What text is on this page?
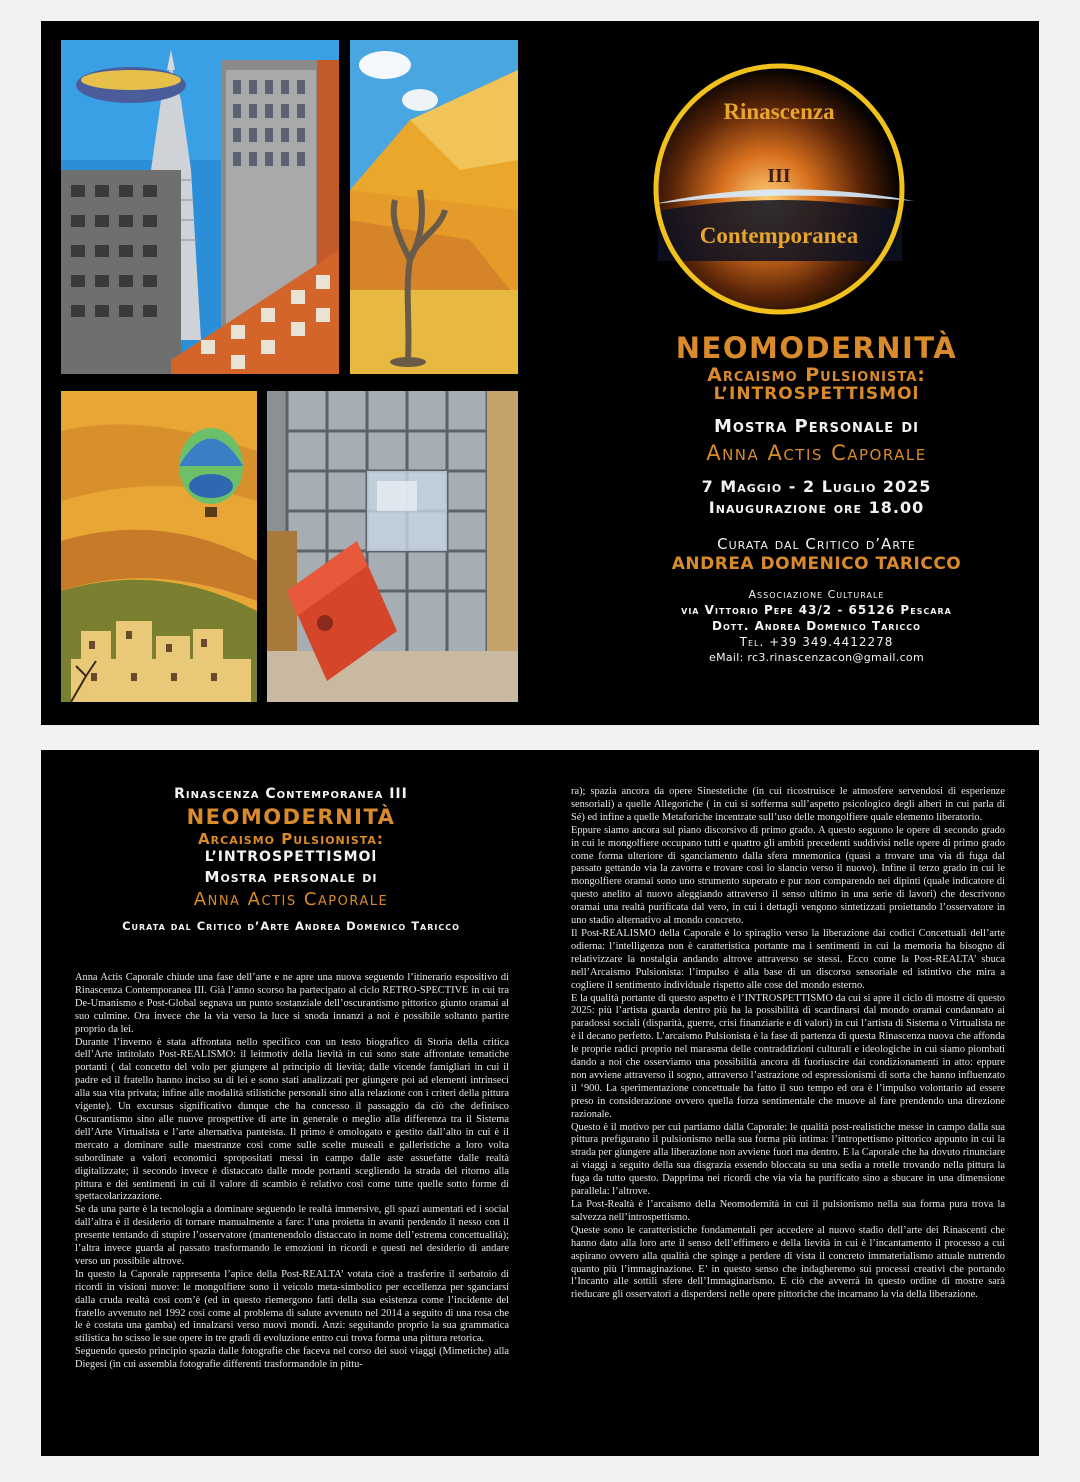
Rinascenza
III
Contemporanea
NEOMODERNITÀ
Arcaismo Pulsionista:
L’INTROSPETTISMOl
Mostra Personale di
Anna Actis Caporale
7 Maggio - 2 Luglio 2025
Inaugurazione ore 18.00
Curata dal Critico d’Arte
ANDREA DOMENICO TARICCO
Associazione Culturale
via Vittorio Pepe 43/2 - 65126 Pescara
Dott. Andrea Domenico Taricco
Tel. +39 349.4412278
eMail: rc3.rinascenzacon@gmail.com
Rinascenza Contemporanea III
NEOMODERNITÀ
Arcaismo Pulsionista:
L’INTROSPETTISMOl
Mostra personale di
Anna Actis Caporale
Curata dal Critico d’Arte Andrea Domenico Taricco

Anna Actis Caporale chiude una fase dell’arte e ne apre una nuova seguendo l’itinerario espositivo di Rinascenza Contemporanea III. Già l’anno scorso ha partecipato al ciclo RETRO-SPECTIVE in cui tra De-Umanismo e Post-Global segnava un punto sostanziale dell’oscurantismo pittorico giunto oramai al suo culmine. Ora invece che la via verso la luce si snoda innanzi a noi è possibile soltanto partire proprio da lei.

Durante l’inverno è stata affrontata nello specifico con un testo biografico di Storia della critica dell’Arte intitolato Post-REALISMO: il leitmotiv della lievità in cui sono state affrontate tematiche portanti ( dal concetto del volo per giungere al principio di lievità; dalle vicende famigliari in cui il padre ed il fratello hanno inciso su di lei e sono stati analizzati per giungere poi ad elementi intrinseci alla sua vita privata; infine alle modalità stilistiche personali sino alla relazione con i criteri della pittura vigente). Un excursus significativo dunque che ha concesso il passaggio da ciò che definisco Oscurantismo sino alle nuove prospettive di arte in generale o meglio alla differenza tra il Sistema dell’Arte Virtualista e l’arte alternativa panteista. Il primo è omologato e gestito dall’alto in cui è il mercato a dominare sulle maestranze così come sulle scelte museali e galleristiche a loro volta subordinate a valori economici spropositati messi in campo dalle aste assuefatte dalle realtà digitalizzate; il secondo invece è distaccato dalle mode portanti scegliendo la strada del ritorno alla pittura e dei sentimenti in cui il valore di scambio è relativo così come tutte quelle sotto forme di spettacolarizzazione.

Se da una parte è la tecnologia a dominare seguendo le realtà immersive, gli spazi aumentati ed i social dall’altra è il desiderio di tornare manualmente a fare: l’una proietta in avanti perdendo il nesso con il presente tentando di stupire l’osservatore (mantenendolo distaccato in nome dell’estrema concettualità); l’altra invece guarda al passato trasformando le emozioni in ricordi e questi nel desiderio di andare verso un possibile altrove.

In questo la Caporale rappresenta l’apice della Post-REALTA’ votata cioè a trasferire il serbatoio di ricordi in visioni nuove: le mongolfiere sono il veicolo meta-simbolico per eccellenza per sganciarsi dalla cruda realtà così com’è (ed in questo riemergono fatti della sua esistenza come l’incidente del fratello avvenuto nel 1992 così come al problema di salute avvenuto nel 2014 a seguito di una rosa che le è costata una gamba) ed innalzarsi verso nuovi mondi. Anzi: seguitando proprio la sua grammatica stilistica ho scisso le sue opere in tre gradi di evoluzione entro cui trova forma una pittura retorica.

Seguendo questo principio spazia dalle fotografie che faceva nel corso dei suoi viaggi (Mimetiche) alla Diegesi (in cui assembla fotografie differenti trasformandole in pittu-

ra); spazia ancora da opere Sinestetiche (in cui ricostruisce le atmosfere servendosi di esperienze sensoriali) a quelle Allegoriche ( in cui si sofferma sull’aspetto psicologico degli alberi in cui parla di Sé) ed infine a quelle Metaforiche incentrate sull’uso delle mongolfiere quale elemento liberatorio.

Eppure siamo ancora sul piano discorsivo di primo grado. A questo seguono le opere di secondo grado in cui le mongolfiere occupano tutti e quattro gli ambiti precedenti suddivisi nelle opere di primo grado come forma ulteriore di sganciamento dalla sfera mnemonica (quasi a trovare una via di fuga dal passato gettando via la zavorra e trovare così lo slancio verso il nuovo). Infine il terzo grado in cui le mongolfiere oramai sono uno strumento superato e pur non comparendo nei dipinti (quale indicatore di questo anelito al nuovo aleggiando attraverso il senso ultimo in una serie di lavori) che descrivono oramai una realtà purificata dal vero, in cui i dettagli vengono sintetizzati proiettando l’osservatore in uno stadio alternativo al mondo concreto.

Il Post-REALISMO della Caporale è lo spiraglio verso la liberazione dai codici Concettuali dell’arte odierna: l’intelligenza non è caratteristica portante ma i sentimenti in cui la memoria ha bisogno di relativizzare la nostalgia andando altrove attraverso se stessi. Ecco come la Post-REALTA’ sbuca nell’Arcaismo Pulsionista: l’impulso è alla base di un discorso sensoriale ed istintivo che mira a cogliere il sentimento individuale rispetto alle cose del mondo esterno.

E la qualità portante di questo aspetto è l’INTROSPETTISMO da cui si apre il ciclo di mostre di questo 2025: più l’artista guarda dentro più ha la possibilità di scardinarsi dal mondo oramai condannato ai paradossi sociali (disparità, guerre, crisi finanziarie e di valori) in cui l’artista di Sistema o Virtualista ne è il decano perfetto. L’arcaismo Pulsionista è la fase di partenza di questa Rinascenza nuova che affonda le proprie radici proprio nel marasma delle contraddizioni culturali e ideologiche in cui siamo piombati dando a noi che osserviamo una possibilità ancora di fuoriuscire dai condizionamenti in atto: eppure non avviene attraverso il sogno, attraverso l’astrazione od espressionismi di sorta che hanno influenzato il ‘900. La sperimentazione concettuale ha fatto il suo tempo ed ora è l’impulso volontario ad essere preso in considerazione ovvero quella forza sentimentale che muove al fare prendendo una direzione razionale.

Questo è il motivo per cui partiamo dalla Caporale: le qualità post-realistiche messe in campo dalla sua pittura prefigurano il pulsionismo nella sua forma più intima: l’intropettismo pittorico appunto in cui la strada per giungere alla liberazione non avviene fuori ma dentro. E la Caporale che ha dovuto rinunciare ai viaggi a seguito della sua disgrazia essendo bloccata su una sedia a rotelle trovando nella pittura la fuga da tutto questo. Dapprima nei ricordi che via via ha purificato sino a sbucare in una dimensione parallela: l’altrove.

La Post-Realtà è l’arcaismo della Neomodernità in cui il pulsionismo nella sua forma pura trova la salvezza nell’introspettismo.

Queste sono le caratteristiche fondamentali per accedere al nuovo stadio dell’arte dei Rinascenti che hanno dato alla loro arte il senso dell’effimero e della lievità in cui è l’incantamento il processo a cui aspirano ovvero alla qualità che spinge a perdere di vista il concreto immaterialismo attuale nutrendo quanto più l’immaginazione. E’ in questo senso che indagheremo sui processi creativi che portando l’Incanto alle sottili sfere dell’Immaginarismo. E ciò che avverrà in questo ordine di mostre sarà rieducare gli osservatori a disperdersi nelle opere pittoriche che incarnano la via della liberazione.
